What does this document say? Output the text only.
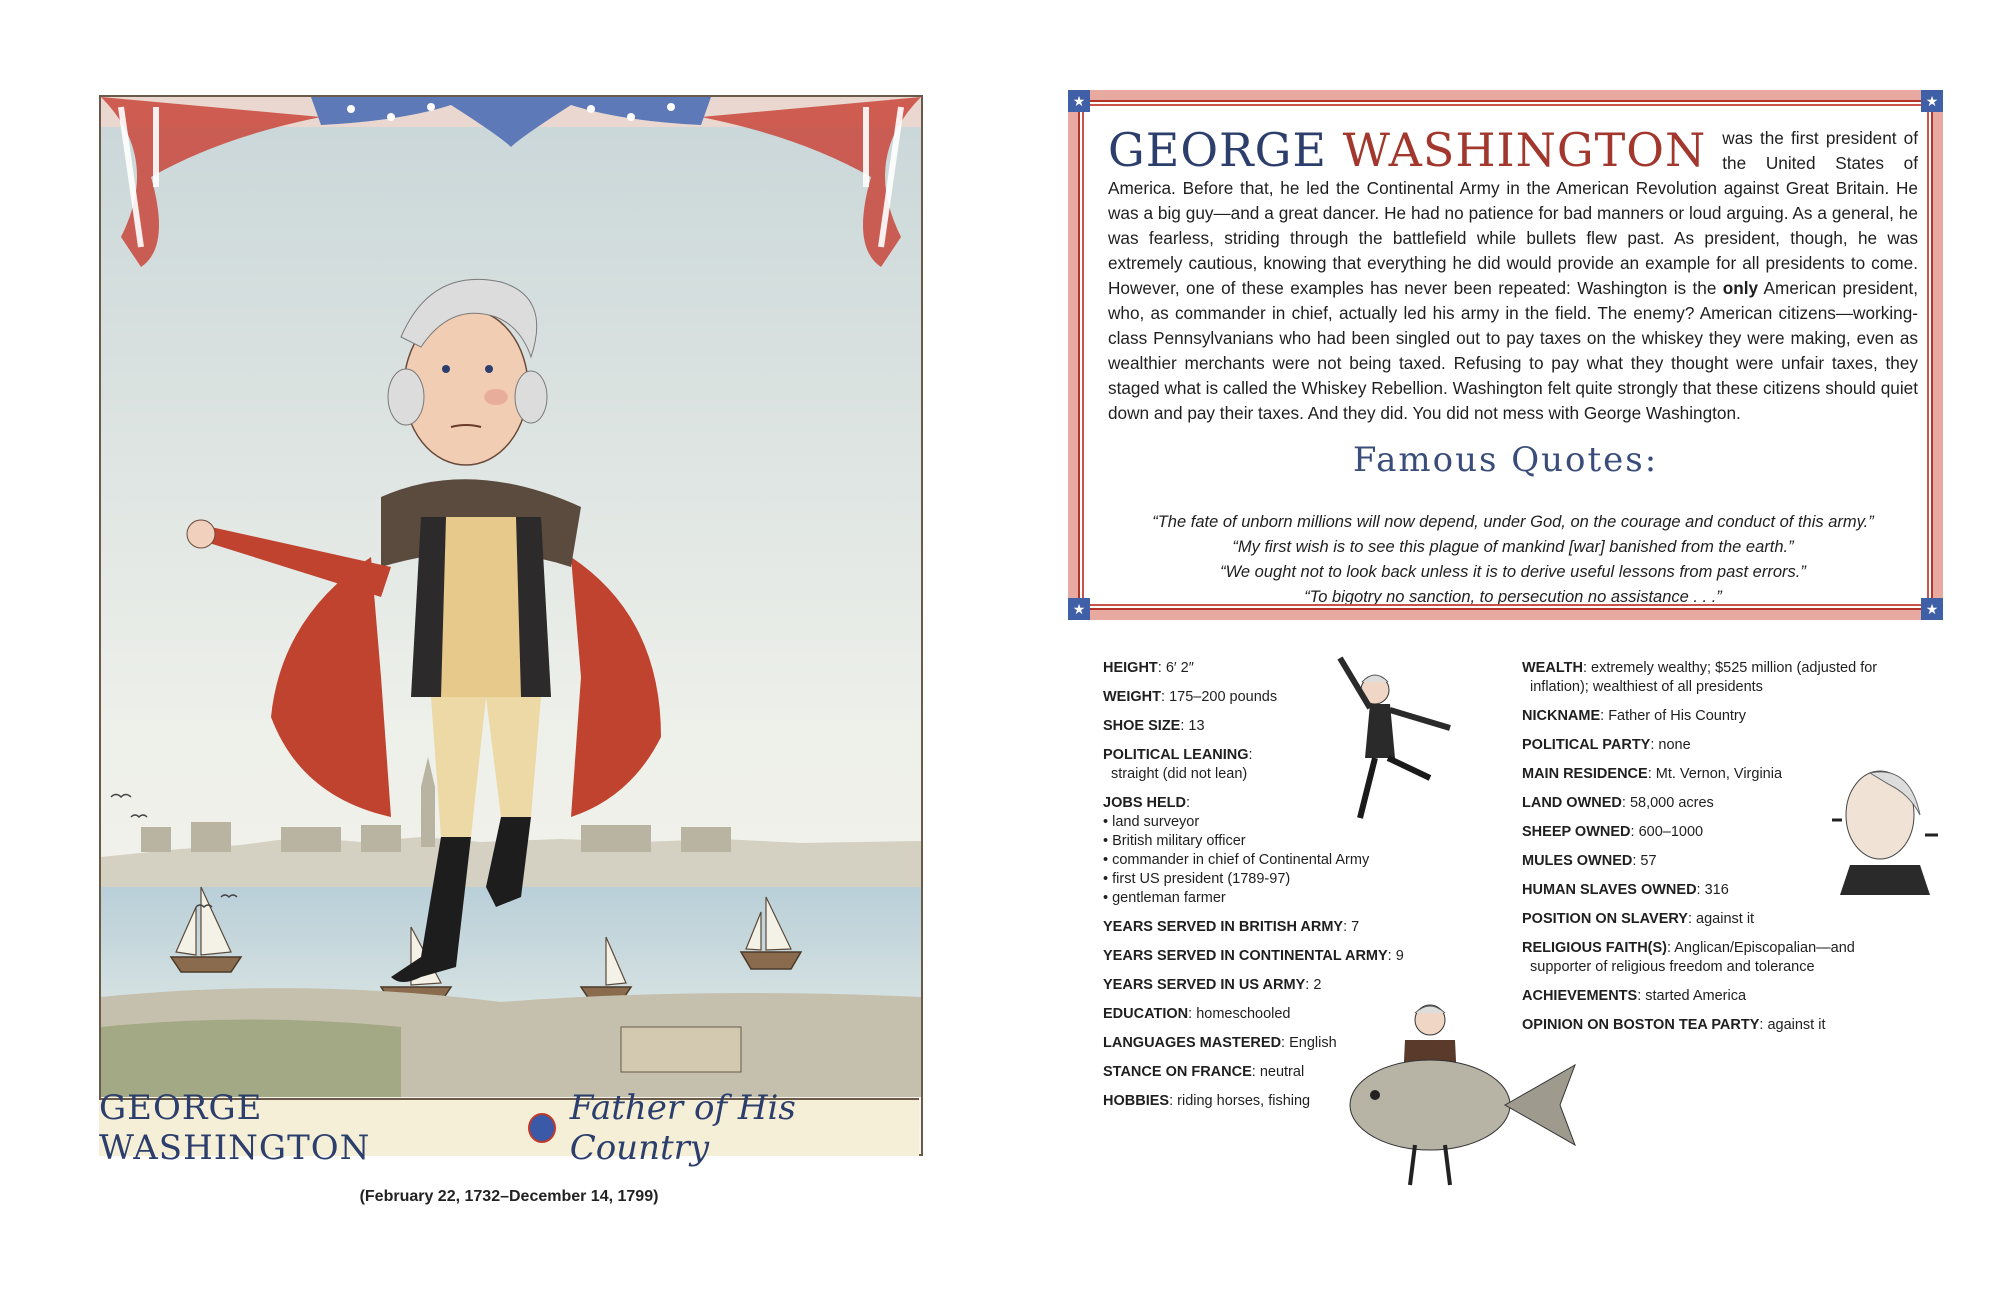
GEORGE WASHINGTON
Father of His Country
(February 22, 1732–December 14, 1799)
★	★
★	★
GEORGE WASHINGTON was the first president of the United States of America. Before that, he led the Continental Army in the American Revolution against Great Britain. He was a big guy—and a great dancer. He had no patience for bad manners or loud arguing. As a general, he was fearless, striding through the battlefield while bullets flew past. As president, though, he was extremely cautious, knowing that everything he did would provide an example for all presidents to come. However, one of these examples has never been repeated: Washington is the only American president, who, as commander in chief, actually led his army in the field. The enemy? American citizens—working-class Pennsylvanians who had been singled out to pay taxes on the whiskey they were making, even as wealthier merchants were not being taxed. Refusing to pay what they thought were unfair taxes, they staged what is called the Whiskey Rebellion. Washington felt quite strongly that these citizens should quiet down and pay their taxes. And they did. You did not mess with George Washington.
Famous Quotes:
“The fate of unborn millions will now depend, under God, on the courage and conduct of this army.”
“My first wish is to see this plague of mankind [war] banished from the earth.”
“We ought not to look back unless it is to derive useful lessons from past errors.”
“To bigotry no sanction, to persecution no assistance . . .”
HEIGHT: 6′ 2″
WEIGHT: 175–200 pounds
SHOE SIZE: 13
POLITICAL LEANING:
straight (did not lean)
JOBS HELD:
• land surveyor
• British military officer
• commander in chief of Continental Army
• first US president (1789-97)
• gentleman farmer
YEARS SERVED IN BRITISH ARMY: 7
YEARS SERVED IN CONTINENTAL ARMY: 9
YEARS SERVED IN US ARMY: 2
EDUCATION: homeschooled
LANGUAGES MASTERED: English
STANCE ON FRANCE: neutral
HOBBIES: riding horses, fishing
WEALTH: extremely wealthy; $525 million (adjusted for
inflation); wealthiest of all presidents
NICKNAME: Father of His Country
POLITICAL PARTY: none
MAIN RESIDENCE: Mt. Vernon, Virginia
LAND OWNED: 58,000 acres
SHEEP OWNED: 600–1000
MULES OWNED: 57
HUMAN SLAVES OWNED: 316
POSITION ON SLAVERY: against it
RELIGIOUS FAITH(S): Anglican/Episcopalian—and
supporter of religious freedom and tolerance
ACHIEVEMENTS: started America
OPINION ON BOSTON TEA PARTY: against it
